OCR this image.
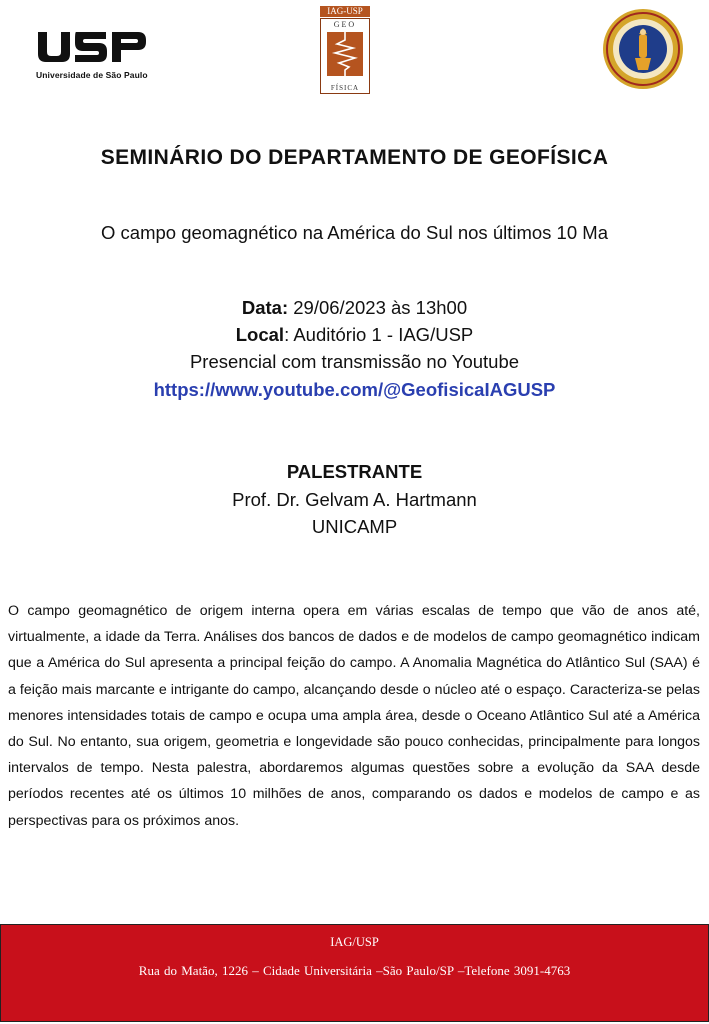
Universidade de São Paulo
IAG-USP
GEO
FÍSICA
SEMINÁRIO DO DEPARTAMENTO DE GEOFÍSICA
O campo geomagnético na América do Sul nos últimos 10 Ma
Data: 29/06/2023 às 13h00
Local: Auditório 1 - IAG/USP
Presencial com transmissão no Youtube
https://www.youtube.com/@GeofisicaIAGUSP
PALESTRANTE
Prof. Dr. Gelvam A. Hartmann
UNICAMP
O campo geomagnético de origem interna opera em várias escalas de tempo que vão de anos até, virtualmente, a idade da Terra. Análises dos bancos de dados e de modelos de campo geomagnético indicam que a América do Sul apresenta a principal feição do campo. A Anomalia Magnética do Atlântico Sul (SAA) é a feição mais marcante e intrigante do campo, alcançando desde o núcleo até o espaço. Caracteriza-se pelas menores intensidades totais de campo e ocupa uma ampla área, desde o Oceano Atlântico Sul até a América do Sul. No entanto, sua origem, geometria e longevidade são pouco conhecidas, principalmente para longos intervalos de tempo. Nesta palestra, abordaremos algumas questões sobre a evolução da SAA desde períodos recentes até os últimos 10 milhões de anos, comparando os dados e modelos de campo e as perspectivas para os próximos anos.
IAG/USP
Rua do Matão, 1226 – Cidade Universitária –São Paulo/SP –Telefone 3091-4763
